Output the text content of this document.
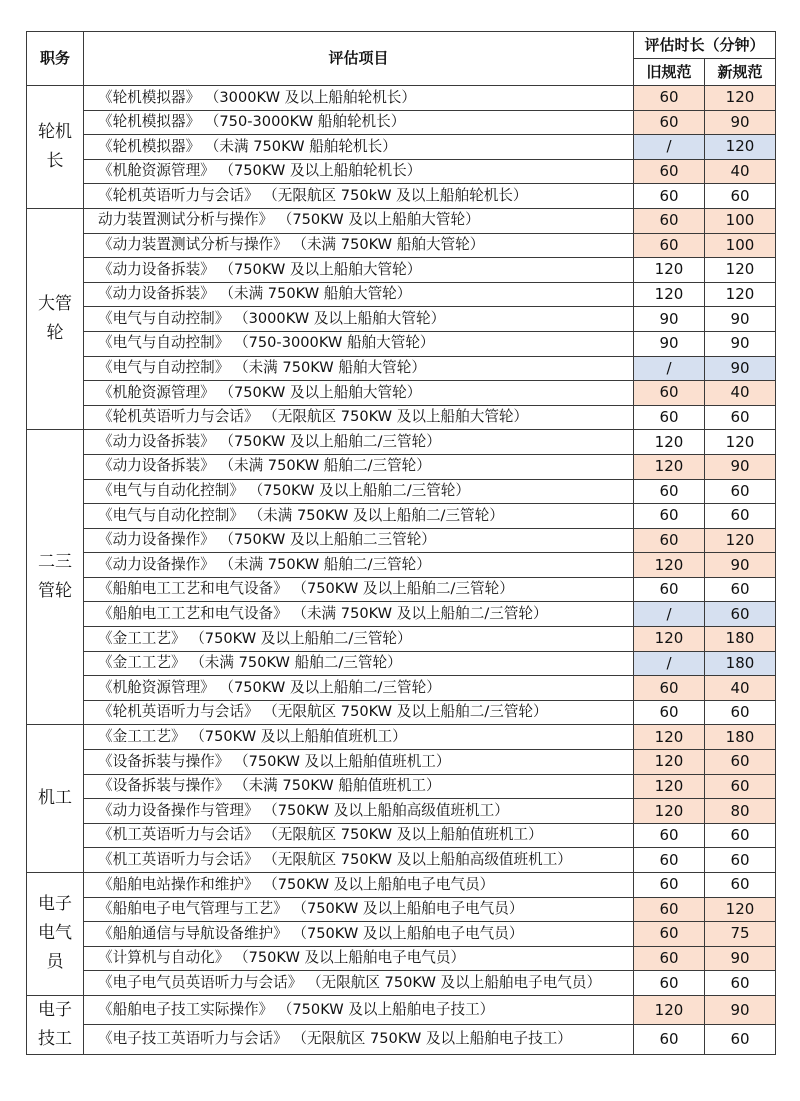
职务	评估项目	评估时长（分钟）	
		旧规范	新规范

轮机
长	《轮机模拟器》 （3000KW 及以上船舶轮机长）	60	120
	《轮机模拟器》 （750-3000KW 船舶轮机长）	60	90
	《轮机模拟器》 （未满 750KW 船舶轮机长）	/	120
	《机舱资源管理》 （750KW 及以上船舶轮机长）	60	40
	《轮机英语听力与会话》 （无限航区 750kW 及以上船舶轮机长）	60	60

大管
轮	动力装置测试分析与操作》 （750KW 及以上船舶大管轮）	60	100
	《动力装置测试分析与操作》 （未满 750KW 船舶大管轮）	60	100
	《动力设备拆装》 （750KW 及以上船舶大管轮）	120	120
	《动力设备拆装》 （未满 750KW 船舶大管轮）	120	120
	《电气与自动控制》 （3000KW 及以上船舶大管轮）	90	90
	《电气与自动控制》 （750-3000KW 船舶大管轮）	90	90
	《电气与自动控制》 （未满 750KW 船舶大管轮）	/	90
	《机舱资源管理》 （750KW 及以上船舶大管轮）	60	40
	《轮机英语听力与会话》 （无限航区 750KW 及以上船舶大管轮）	60	60

二三
管轮	《动力设备拆装》 （750KW 及以上船舶二/三管轮）	120	120
	《动力设备拆装》 （未满 750KW 船舶二/三管轮）	120	90
	《电气与自动化控制》 （750KW 及以上船舶二/三管轮）	60	60
	《电气与自动化控制》 （未满 750KW 及以上船舶二/三管轮）	60	60
	《动力设备操作》 （750KW 及以上船舶二三管轮）	60	120
	《动力设备操作》 （未满 750KW 船舶二/三管轮）	120	90
	《船舶电工工艺和电气设备》 （750KW 及以上船舶二/三管轮）	60	60
	《船舶电工工艺和电气设备》 （未满 750KW 及以上船舶二/三管轮）	/	60
	《金工工艺》 （750KW 及以上船舶二/三管轮）	120	180
	《金工工艺》 （未满 750KW 船舶二/三管轮）	/	180
	《机舱资源管理》 （750KW 及以上船舶二/三管轮）	60	40
	《轮机英语听力与会话》 （无限航区 750KW 及以上船舶二/三管轮）	60	60

机工	《金工工艺》 （750KW 及以上船舶值班机工）	120	180
	《设备拆装与操作》 （750KW 及以上船舶值班机工）	120	60
	《设备拆装与操作》 （未满 750KW 船舶值班机工）	120	60
	《动力设备操作与管理》 （750KW 及以上船舶高级值班机工）	120	80
	《机工英语听力与会话》 （无限航区 750KW 及以上船舶值班机工）	60	60
	《机工英语听力与会话》 （无限航区 750KW 及以上船舶高级值班机工）	60	60

电子
电气
员	《船舶电站操作和维护》 （750KW 及以上船舶电子电气员）	60	60
	《船舶电子电气管理与工艺》 （750KW 及以上船舶电子电气员）	60	120
	《船舶通信与导航设备维护》 （750KW 及以上船舶电子电气员）	60	75
	《计算机与自动化》 （750KW 及以上船舶电子电气员）	60	90
	《电子电气员英语听力与会话》 （无限航区 750KW 及以上船舶电子电气员）	60	60

电子
技工	《船舶电子技工实际操作》 （750KW 及以上船舶电子技工）	120	90
	《电子技工英语听力与会话》 （无限航区 750KW 及以上船舶电子技工）	60	60
